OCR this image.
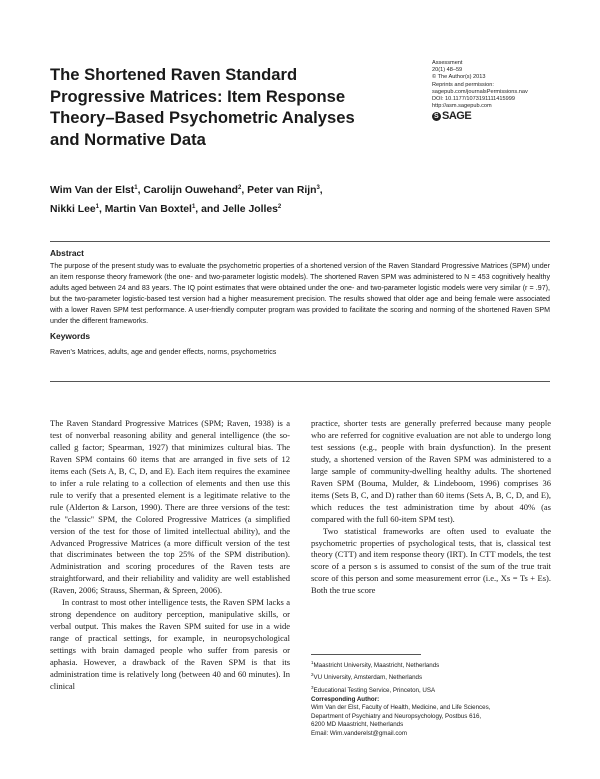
Assessment
20(1) 48–59
© The Author(s) 2013
Reprints and permission:
sagepub.com/journalsPermissions.nav
DOI: 10.1177/1073191111415999
http://asm.sagepub.com
S
SAGE
The Shortened Raven Standard Progressive Matrices: Item Response Theory–Based Psychometric Analyses and Normative Data
Wim Van der Elst$^1$, Carolijn Ouwehand$^2$, Peter van Rijn$^3$,
Nikki Lee$^1$, Martin Van Boxtel$^1$, and Jelle Jolles$^2$
Abstract
The purpose of the present study was to evaluate the psychometric properties of a shortened version of the Raven Standard Progressive Matrices (SPM) under an item response theory framework (the one- and two-parameter logistic models). The shortened Raven SPM was administered to N = 453 cognitively healthy adults aged between 24 and 83 years. The IQ point estimates that were obtained under the one- and two-parameter logistic models were very similar (r = .97), but the two-parameter logistic-based test version had a higher measurement precision. The results showed that older age and being female were associated with a lower Raven SPM test performance. A user-friendly computer program was provided to facilitate the scoring and norming of the shortened Raven SPM under the different frameworks.
Keywords
Raven's Matrices, adults, age and gender effects, norms, psychometrics

The Raven Standard Progressive Matrices (SPM; Raven, 1938) is a test of nonverbal reasoning ability and general intelligence (the so-called g factor; Spearman, 1927) that minimizes cultural bias. The Raven SPM contains 60 items that are arranged in five sets of 12 items each (Sets A, B, C, D, and E). Each item requires the examinee to infer a rule relating to a collection of elements and then use this rule to verify that a presented element is a legitimate relative to the rule (Alderton & Larson, 1990). There are three versions of the test: the "classic" SPM, the Colored Progressive Matrices (a simplified version of the test for those of limited intellectual ability), and the Advanced Progressive Matrices (a more difficult version of the test that discriminates between the top 25% of the SPM distribution). Administration and scoring procedures of the Raven tests are straightforward, and their reliability and validity are well established (Raven, 2006; Strauss, Sherman, & Spreen, 2006).

In contrast to most other intelligence tests, the Raven SPM lacks a strong dependence on auditory perception, manipulative skills, or verbal output. This makes the Raven SPM suited for use in a wide range of practical settings, for example, in neuropsychological settings with brain damaged people who suffer from paresis or aphasia. However, a drawback of the Raven SPM is that its administration time is relatively long (between 40 and 60 minutes). In clinical

practice, shorter tests are generally preferred because many people who are referred for cognitive evaluation are not able to undergo long test sessions (e.g., people with brain dysfunction). In the present study, a shortened version of the Raven SPM was administered to a large sample of community-dwelling healthy adults. The shortened Raven SPM (Bouma, Mulder, & Lindeboom, 1996) comprises 36 items (Sets B, C, and D) rather than 60 items (Sets A, B, C, D, and E), which reduces the test administration time by about 40% (as compared with the full 60-item SPM test).

Two statistical frameworks are often used to evaluate the psychometric properties of psychological tests, that is, classical test theory (CTT) and item response theory (IRT). In CTT models, the test score of a person s is assumed to consist of the sum of the true trait score of this person and some measurement error (i.e., Xs = Ts + Es). Both the true score

$^1$Maastricht University, Maastricht, Netherlands
$^2$VU University, Amsterdam, Netherlands
$^3$Educational Testing Service, Princeton, USA
Corresponding Author:
Wim Van der Elst, Faculty of Health, Medicine, and Life Sciences,
Department of Psychiatry and Neuropsychology, Postbus 616,
6200 MD Maastricht, Netherlands
Email: Wim.vanderelst@gmail.com
